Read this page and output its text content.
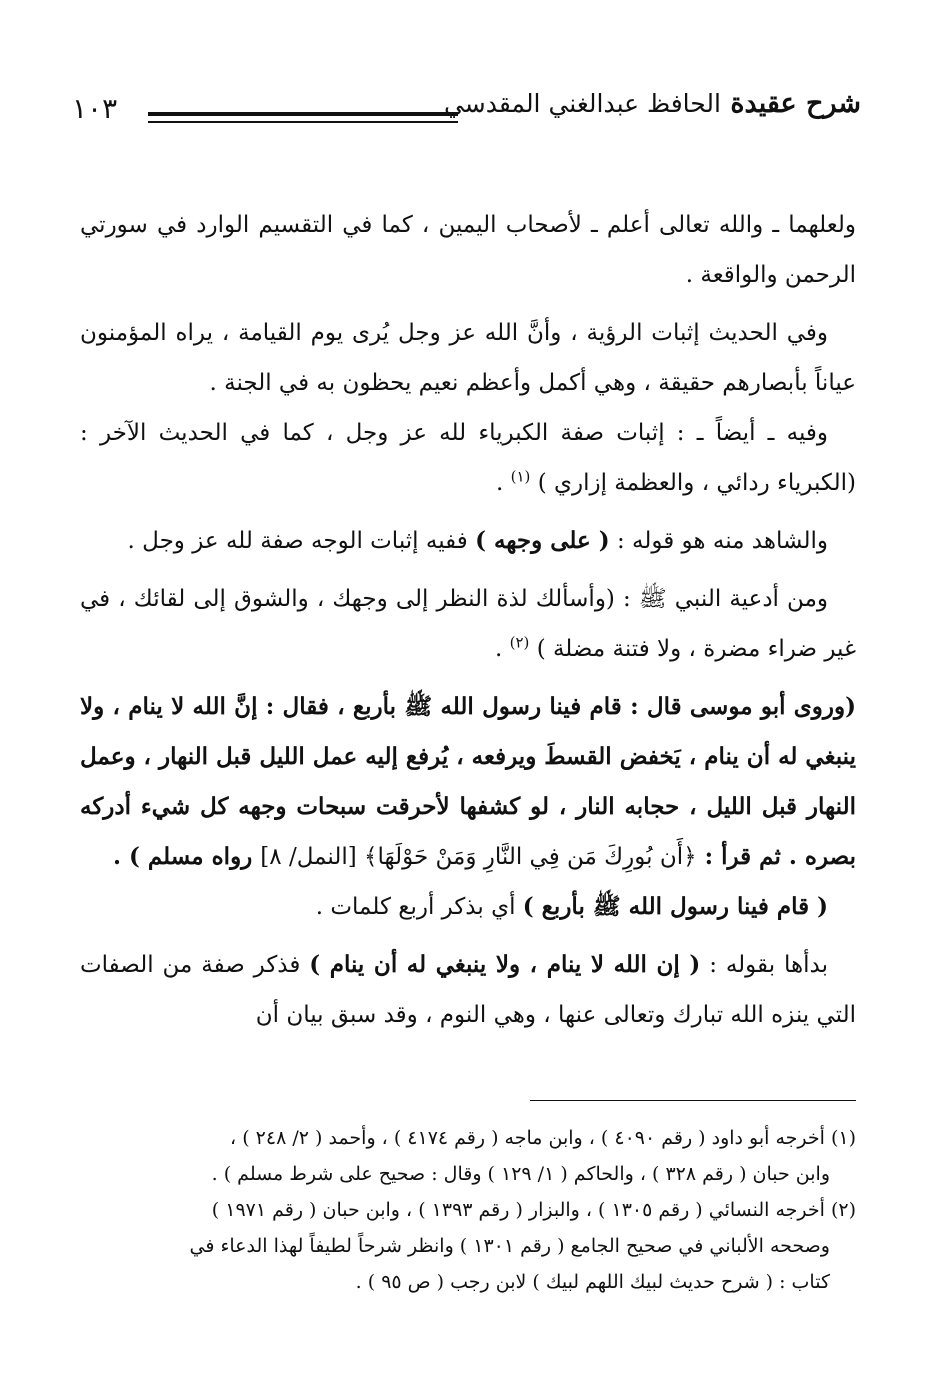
شرح عقيدة الحافظ عبدالغني المقدسي
١٠٣

ولعلهما ـ والله تعالى أعلم ـ لأصحاب اليمين ، كما في التقسيم الوارد في سورتي الرحمن والواقعة .

وفي الحديث إثبات الرؤية ، وأنَّ الله عز وجل يُرى يوم القيامة ، يراه المؤمنون عياناً بأبصارهم حقيقة ، وهي أكمل وأعظم نعيم يحظون به في الجنة .

وفيه ـ أيضاً ـ : إثبات صفة الكبرياء لله عز وجل ، كما في الحديث الآخر : (الكبرياء ردائي ، والعظمة إزاري ) $^{(١)}$ .

والشاهد منه هو قوله : ( على وجهه ) ففيه إثبات الوجه صفة لله عز وجل .

ومن أدعية النبي ﷺ : (وأسألك لذة النظر إلى وجهك ، والشوق إلى لقائك ، في غير ضراء مضرة ، ولا فتنة مضلة ) $^{(٢)}$ .

(وروى أبو موسى قال : قام فينا رسول الله ﷺ بأربع ، فقال : إنَّ الله لا ينام ، ولا ينبغي له أن ينام ، يَخفض القسطَ ويرفعه ، يُرفع إليه عمل الليل قبل النهار ، وعمل النهار قبل الليل ، حجابه النار ، لو كشفها لأحرقت سبحات وجهه كل شيء أدركه بصره . ثم قرأ : ﴿أَن بُورِكَ مَن فِي النَّارِ وَمَنْ حَوْلَهَا﴾ [النمل/ ٨] رواه مسلم ) .

( قام فينا رسول الله ﷺ بأربع ) أي بذكر أربع كلمات .

بدأها بقوله : ( إن الله لا ينام ، ولا ينبغي له أن ينام ) فذكر صفة من الصفات التي ينزه الله تبارك وتعالى عنها ، وهي النوم ، وقد سبق بيان أن

(١) أخرجه أبو داود ( رقم ٤٠٩٠ ) ، وابن ماجه ( رقم ٤١٧٤ ) ، وأحمد ( ٢/ ٢٤٨ ) ،

وابن حبان ( رقم ٣٢٨ ) ، والحاكم ( ١/ ١٢٩ ) وقال : صحيح على شرط مسلم ) .

(٢) أخرجه النسائي ( رقم ١٣٠٥ ) ، والبزار ( رقم ١٣٩٣ ) ، وابن حبان ( رقم ١٩٧١ )

وصححه الألباني في صحيح الجامع ( رقم ١٣٠١ ) وانظر شرحاً لطيفاً لهذا الدعاء في

كتاب : ( شرح حديث لبيك اللهم لبيك ) لابن رجب ( ص ٩٥ ) .
